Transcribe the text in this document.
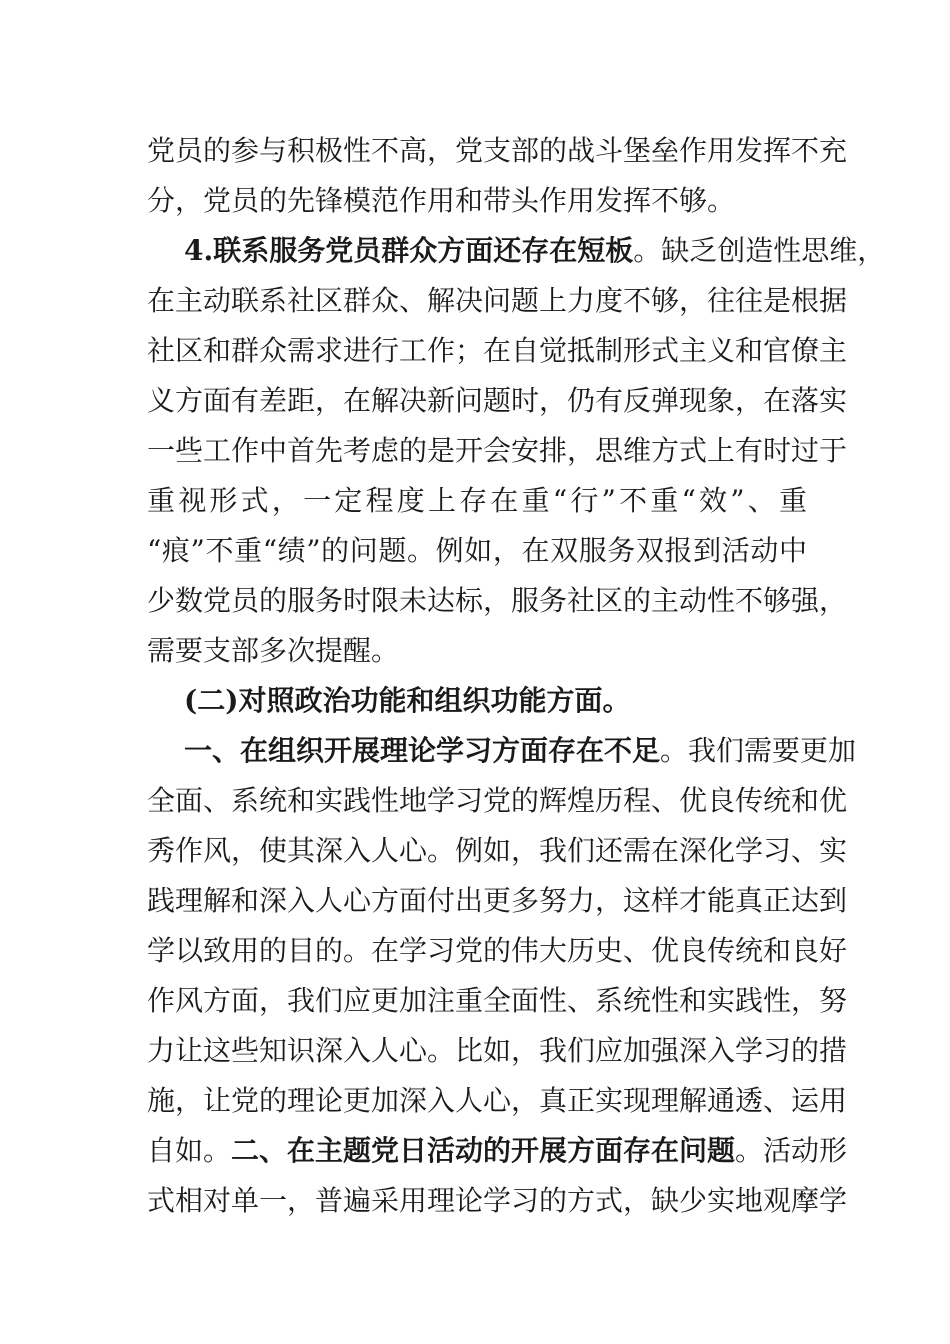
党员的参与积极性不高，党支部的战斗堡垒作用发挥不充
分，党员的先锋模范作用和带头作用发挥不够。
4.联系服务党员群众方面还存在短板。缺乏创造性思维，
在主动联系社区群众、解决问题上力度不够，往往是根据
社区和群众需求进行工作；在自觉抵制形式主义和官僚主
义方面有差距，在解决新问题时，仍有反弹现象，在落实
一些工作中首先考虑的是开会安排，思维方式上有时过于
重视形式，一定程度上存在重“行”不重“效”、重
“痕”不重“绩”的问题。例如，在双服务双报到活动中
少数党员的服务时限未达标，服务社区的主动性不够强，
需要支部多次提醒。
(二)对照政治功能和组织功能方面。
一、在组织开展理论学习方面存在不足。我们需要更加
全面、系统和实践性地学习党的辉煌历程、优良传统和优
秀作风，使其深入人心。例如，我们还需在深化学习、实
践理解和深入人心方面付出更多努力，这样才能真正达到
学以致用的目的。在学习党的伟大历史、优良传统和良好
作风方面，我们应更加注重全面性、系统性和实践性，努
力让这些知识深入人心。比如，我们应加强深入学习的措
施，让党的理论更加深入人心，真正实现理解通透、运用
自如。二、在主题党日活动的开展方面存在问题。活动形
式相对单一，普遍采用理论学习的方式，缺少实地观摩学
